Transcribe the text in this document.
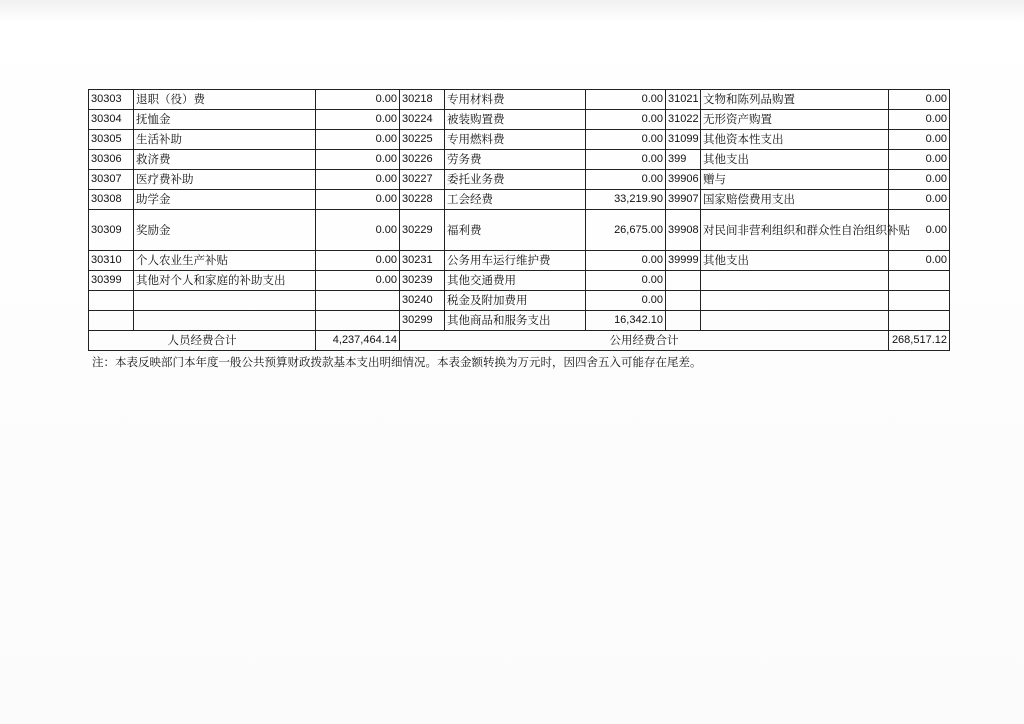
30303	退职（役）费	0.00	30218	专用材料费	0.00	31021	文物和陈列品购置	0.00
30304	抚恤金	0.00	30224	被装购置费	0.00	31022	无形资产购置	0.00
30305	生活补助	0.00	30225	专用燃料费	0.00	31099	其他资本性支出	0.00
30306	救济费	0.00	30226	劳务费	0.00	399	其他支出	0.00
30307	医疗费补助	0.00	30227	委托业务费	0.00	39906	赠与	0.00
30308	助学金	0.00	30228	工会经费	33,219.90	39907	国家赔偿费用支出	0.00
30309	奖励金	0.00	30229	福利费	26,675.00	39908	对民间非营利组织和群众性自治组织补贴	0.00
30310	个人农业生产补贴	0.00	30231	公务用车运行维护费	0.00	39999	其他支出	0.00
30399	其他对个人和家庭的补助支出	0.00	30239	其他交通费用	0.00			
			30240	税金及附加费用	0.00			
			30299	其他商品和服务支出	16,342.10			
人员经费合计		4,237,464.14	公用经费合计					268,517.12
注：本表反映部门本年度一般公共预算财政拨款基本支出明细情况。本表金额转换为万元时，因四舍五入可能存在尾差。
